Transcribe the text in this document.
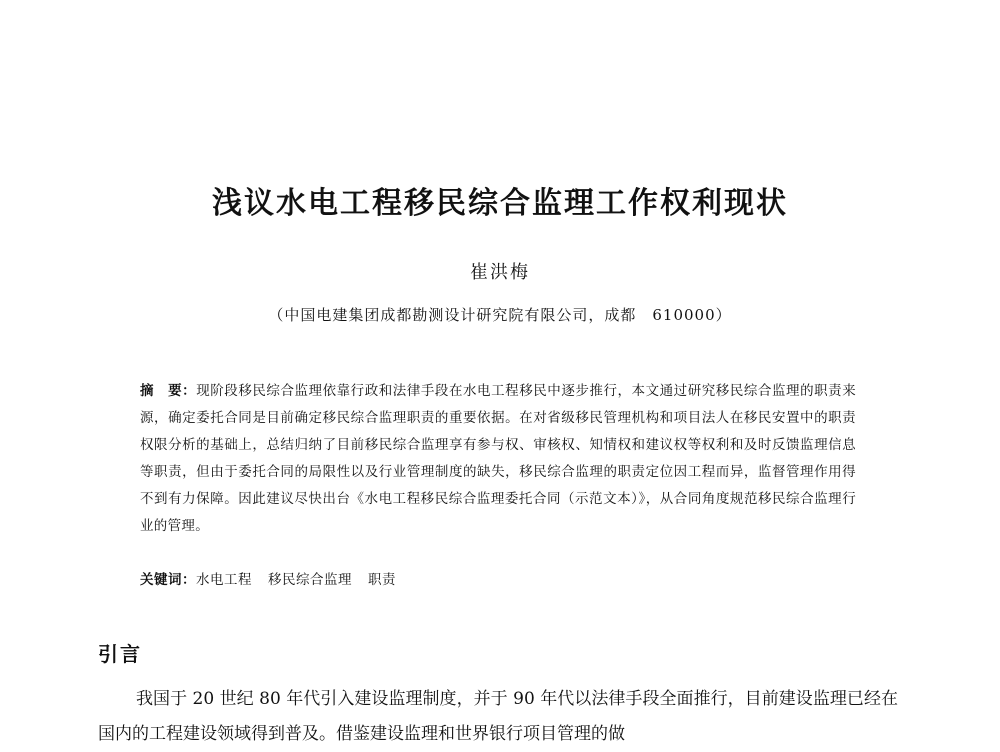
浅议水电工程移民综合监理工作权利现状
崔洪梅
（中国电建集团成都勘测设计研究院有限公司，成都　610000）
摘　要：现阶段移民综合监理依靠行政和法律手段在水电工程移民中逐步推行，本文通过研究移民综合监理的职责来源，确定委托合同是目前确定移民综合监理职责的重要依据。在对省级移民管理机构和项目法人在移民安置中的职责权限分析的基础上，总结归纳了目前移民综合监理享有参与权、审核权、知情权和建议权等权利和及时反馈监理信息等职责，但由于委托合同的局限性以及行业管理制度的缺失，移民综合监理的职责定位因工程而异，监督管理作用得不到有力保障。因此建议尽快出台《水电工程移民综合监理委托合同（示范文本）》，从合同角度规范移民综合监理行业的管理。
关键词：水电工程 移民综合监理 职责
引言
我国于 20 世纪 80 年代引入建设监理制度，并于 90 年代以法律手段全面推行，目前建设监理已经在国内的工程建设领域得到普及。借鉴建设监理和世界银行项目管理的做
